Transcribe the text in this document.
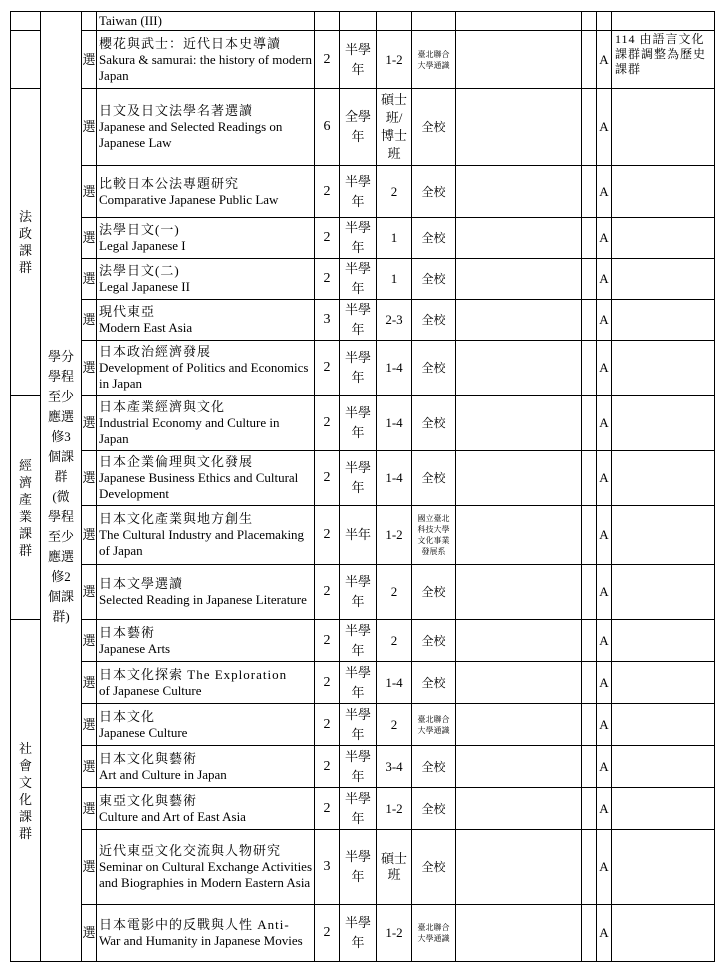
	學分學程至少應選修3個課群(微學程至少應選修2個課群)		Taiwan (III)								
		選	櫻花與武士：近代日本史導讀
Sakura & samurai: the history of modern Japan	2	半學年	1-2	臺北聯合大學通識			A	114 由語言文化課群調整為歷史課群
法政課群		選	日文及日文法學名著選讀
Japanese and Selected Readings on Japanese Law	6	全學年	碩士班/博士班	全校			A	
		選	比較日本公法專題研究
Comparative Japanese Public Law	2	半學年	2	全校			A	
		選	法學日文(一)
Legal Japanese I	2	半學年	1	全校			A	
		選	法學日文(二)
Legal Japanese II	2	半學年	1	全校			A	
		選	現代東亞
Modern East Asia	3	半學年	2-3	全校			A	
		選	日本政治經濟發展
Development of Politics and Economics in Japan	2	半學年	1-4	全校			A	
經濟產業課群		選	日本產業經濟與文化
Industrial Economy and Culture in Japan	2	半學年	1-4	全校			A	
		選	日本企業倫理與文化發展
Japanese Business Ethics and Cultural Development	2	半學年	1-4	全校			A	
		選	日本文化產業與地方創生
The Cultural Industry and Placemaking of Japan	2	半年	1-2	國立臺北科技大學文化事業發展系			A	
		選	日本文學選讀
Selected Reading in Japanese Literature	2	半學年	2	全校			A	
社會文化課群		選	日本藝術
Japanese Arts	2	半學年	2	全校			A	
		選	日本文化探索 The Exploration
of Japanese Culture	2	半學年	1-4	全校			A	
		選	日本文化
Japanese Culture	2	半學年	2	臺北聯合大學通識			A	
		選	日本文化與藝術
Art and Culture in Japan	2	半學年	3-4	全校			A	
		選	東亞文化與藝術
Culture and Art of East Asia	2	半學年	1-2	全校			A	
		選	近代東亞文化交流與人物研究
Seminar on Cultural Exchange Activities and Biographies in Modern Eastern Asia	3	半學年	碩士班	全校			A	
		選	日本電影中的反戰與人性 Anti-
War and Humanity in Japanese Movies	2	半學年	1-2	臺北聯合大學通識			A	
